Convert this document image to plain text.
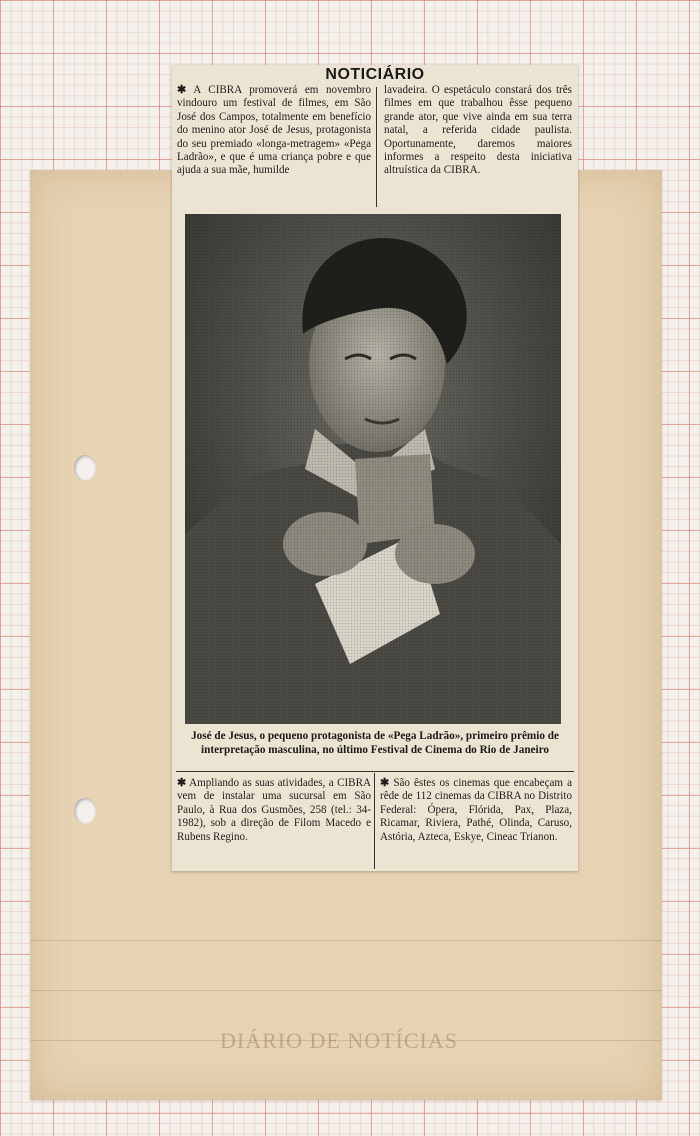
DIÁRIO DE NOTÍCIAS
NOTICIÁRIO
✱ A CIBRA promoverá em novembro vindouro um festival de filmes, em São José dos Campos, totalmente em benefício do menino ator José de Jesus, protagonista do seu premiado «longa-metragem» «Pega Ladrão», e que é uma criança pobre e que ajuda a sua mãe, humilde
lavadeira. O espetáculo constará dos três filmes em que trabalhou êsse pequeno grande ator, que vive ainda em sua terra natal, a referida cidade paulista. Oportunamente, daremos maiores informes a respeito desta iniciativa altruística da CIBRA.
José de Jesus, o pequeno protagonista de «Pega Ladrão», primeiro prêmio de interpretação masculina, no último Festival de Cinema do Rio de Janeiro
✱ Ampliando as suas atividades, a CIBRA vem de instalar uma sucursal em São Paulo, à Rua dos Gusmões, 258 (tel.: 34-1982), sob a direção de Filom Macedo e Rubens Regino.
✱ São êstes os cinemas que encabeçam a rêde de 112 cinemas da CIBRA no Distrito Federal: Ópera, Flórida, Pax, Plaza, Ricamar, Riviera, Pathé, Olinda, Caruso, Astória, Azteca, Eskye, Cineac Trianon.
